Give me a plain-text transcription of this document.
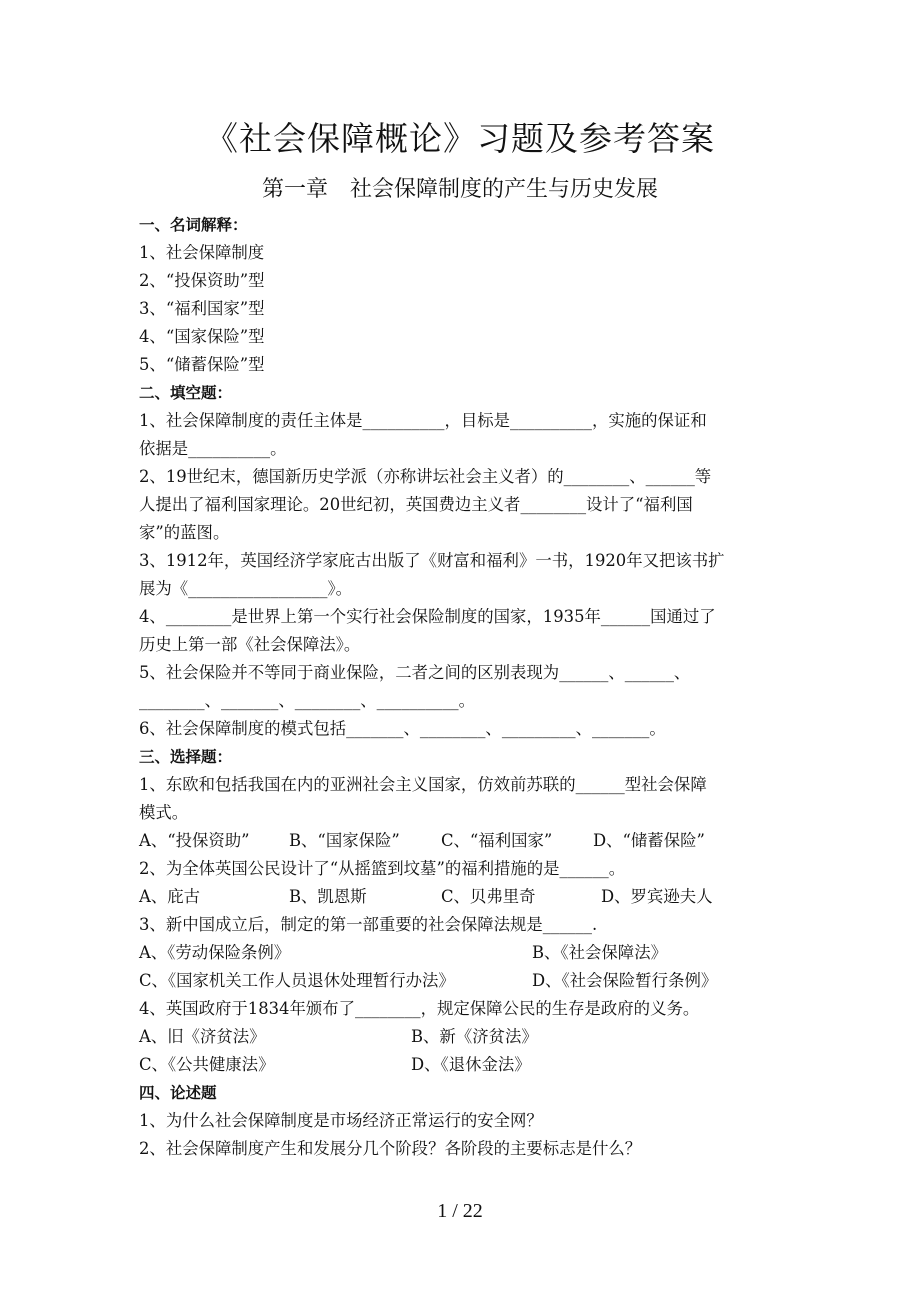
《社会保障概论》习题及参考答案
第一章　社会保障制度的产生与历史发展
一、名词解释：
1、社会保障制度
2、“投保资助”型
3、“福利国家”型
4、“国家保险”型
5、“储蓄保险”型
二、填空题：
1、社会保障制度的责任主体是__________，目标是__________，实施的保证和
依据是__________。
2、19世纪末，德国新历史学派（亦称讲坛社会主义者）的________、______等
人提出了福利国家理论。20世纪初，英国费边主义者________设计了“福利国
家”的蓝图。
3、1912年，英国经济学家庇古出版了《财富和福利》一书，1920年又把该书扩
展为《_________________》。
4、________是世界上第一个实行社会保险制度的国家，1935年______国通过了
历史上第一部《社会保障法》。
5、社会保险并不等同于商业保险，二者之间的区别表现为______、______、
________、_______、________、__________。
6、社会保障制度的模式包括_______、________、_________、_______。
三、选择题：
1、东欧和包括我国在内的亚洲社会主义国家，仿效前苏联的______型社会保障
模式。
A、“投保资助”	B、“国家保险”	C、“福利国家”	D、“储蓄保险”
2、为全体英国公民设计了“从摇篮到坟墓”的福利措施的是______。
A、庇古	B、凯恩斯	C、贝弗里奇	D、罗宾逊夫人
3、新中国成立后，制定的第一部重要的社会保障法规是______.
A、《劳动保险条例》	B、《社会保障法》
C、《国家机关工作人员退休处理暂行办法》	D、《社会保险暂行条例》
4、英国政府于1834年颁布了________，规定保障公民的生存是政府的义务。
A、旧《济贫法》	B、新《济贫法》
C、《公共健康法》	D、《退休金法》
四、论述题
1、为什么社会保障制度是市场经济正常运行的安全网？
2、社会保障制度产生和发展分几个阶段？各阶段的主要标志是什么？
1 / 22
